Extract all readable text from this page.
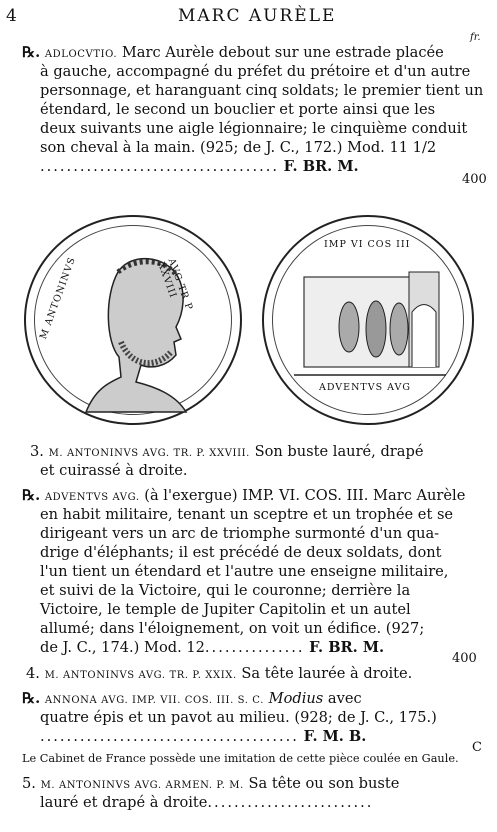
4	MARC AURÈLE
fr.
℞. ADLOCVTIO. Marc Aurèle debout sur une estrade placée
à gauche, accompagné du préfet du prétoire et d'un autre
personnage, et haranguant cinq soldats; le premier tient un
étendard, le second un bouclier et porte ainsi que les
deux suivants une aigle légionnaire; le cinquième conduit
son cheval à la main. (925; de J. C., 172.) Mod. 11 1/2
.................................... F. BR. M.
400
M ANTONINVS	AVG TR P XXVIII
IMP VI COS III
ADVENTVS AVG
3. M. ANTONINVS AVG. TR. P. XXVIII. Son buste lauré, drapé
et cuirassé à droite.
℞. ADVENTVS AVG. (à l'exergue) IMP. VI. COS. III. Marc Aurèle
en habit militaire, tenant un sceptre et un trophée et se
dirigeant vers un arc de triomphe surmonté d'un qua-
drige d'éléphants; il est précédé de deux soldats, dont
l'un tient un étendard et l'autre une enseigne militaire,
et suivi de la Victoire, qui le couronne; derrière la
Victoire, le temple de Jupiter Capitolin et un autel
allumé; dans l'éloignement, on voit un édifice. (927;
de J. C., 174.) Mod. 12............... F. BR. M.
400
4. M. ANTONINVS AVG. TR. P. XXIX. Sa tête laurée à droite.
℞. ANNONA AVG. IMP. VII. COS. III. S. C. Modius avec
quatre épis et un pavot au milieu. (928; de J. C., 175.)
....................................... F. M. B.
C
Le Cabinet de France possède une imitation de cette pièce coulée en Gaule.
5. M. ANTONINVS AVG. ARMEN. P. M. Sa tête ou son buste
lauré et drapé à droite.........................
